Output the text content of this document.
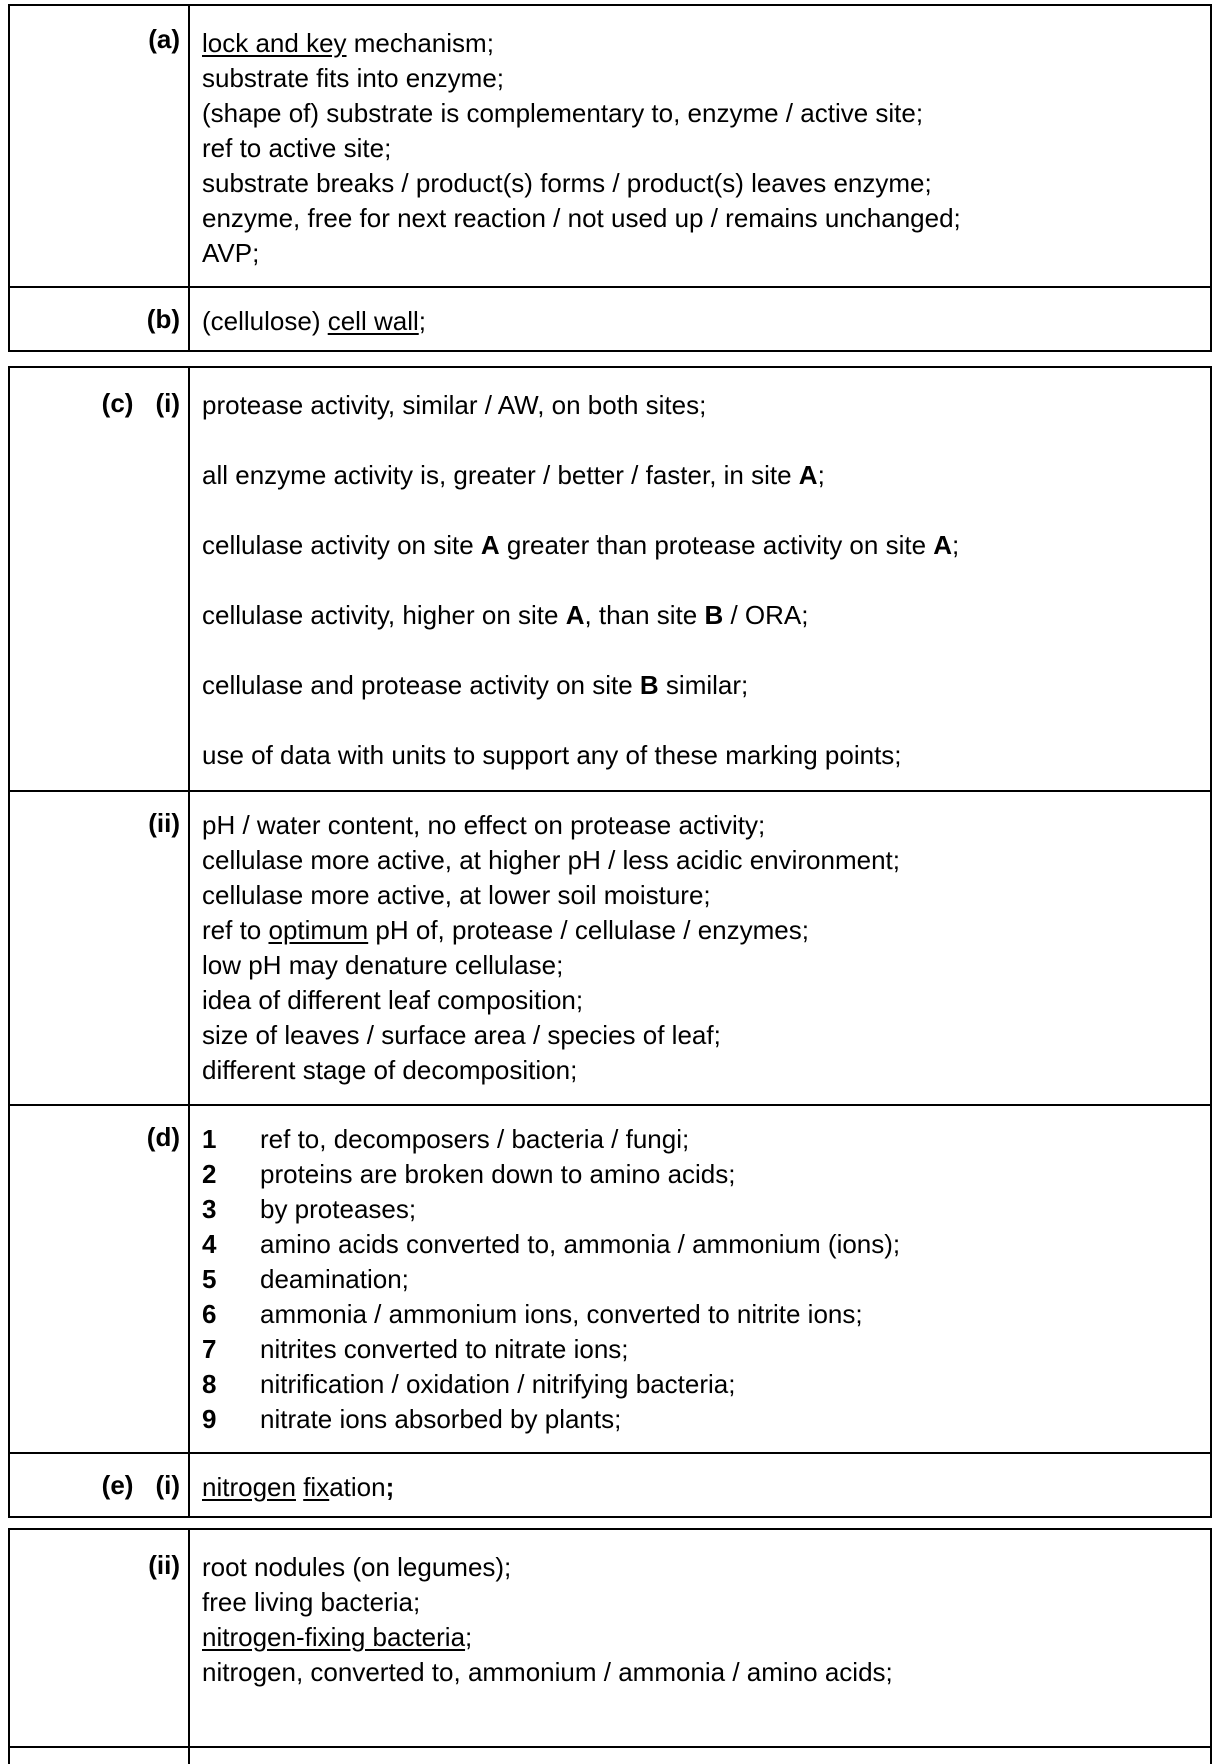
(a) lock and key mechanism;
substrate fits into enzyme;
(shape of) substrate is complementary to, enzyme / active site;
ref to active site;
substrate breaks / product(s) forms / product(s) leaves enzyme;
enzyme, free for next reaction / not used up / remains unchanged;
AVP;
(b) (cellulose) cell wall;
(c) (i) protease activity, similar / AW, on both sites;
all enzyme activity is, greater / better / faster, in site A;
cellulase activity on site A greater than protease activity on site A;
cellulase activity, higher on site A, than site B / ORA;
cellulase and protease activity on site B similar;
use of data with units to support any of these marking points;
(ii) pH / water content, no effect on protease activity;
cellulase more active, at higher pH / less acidic environment;
cellulase more active, at lower soil moisture;
ref to optimum pH of, protease / cellulase / enzymes;
low pH may denature cellulase;
idea of different leaf composition;
size of leaves / surface area / species of leaf;
different stage of decomposition;
(d) 1 ref to, decomposers / bacteria / fungi;
2 proteins are broken down to amino acids;
3 by proteases;
4 amino acids converted to, ammonia / ammonium (ions);
5 deamination;
6 ammonia / ammonium ions, converted to nitrite ions;
7 nitrites converted to nitrate ions;
8 nitrification / oxidation / nitrifying bacteria;
9 nitrate ions absorbed by plants;
(e) (i) nitrogen fixation;
(ii) root nodules (on legumes);
free living bacteria;
nitrogen-fixing bacteria;
nitrogen, converted to, ammonium / ammonia / amino acids;
